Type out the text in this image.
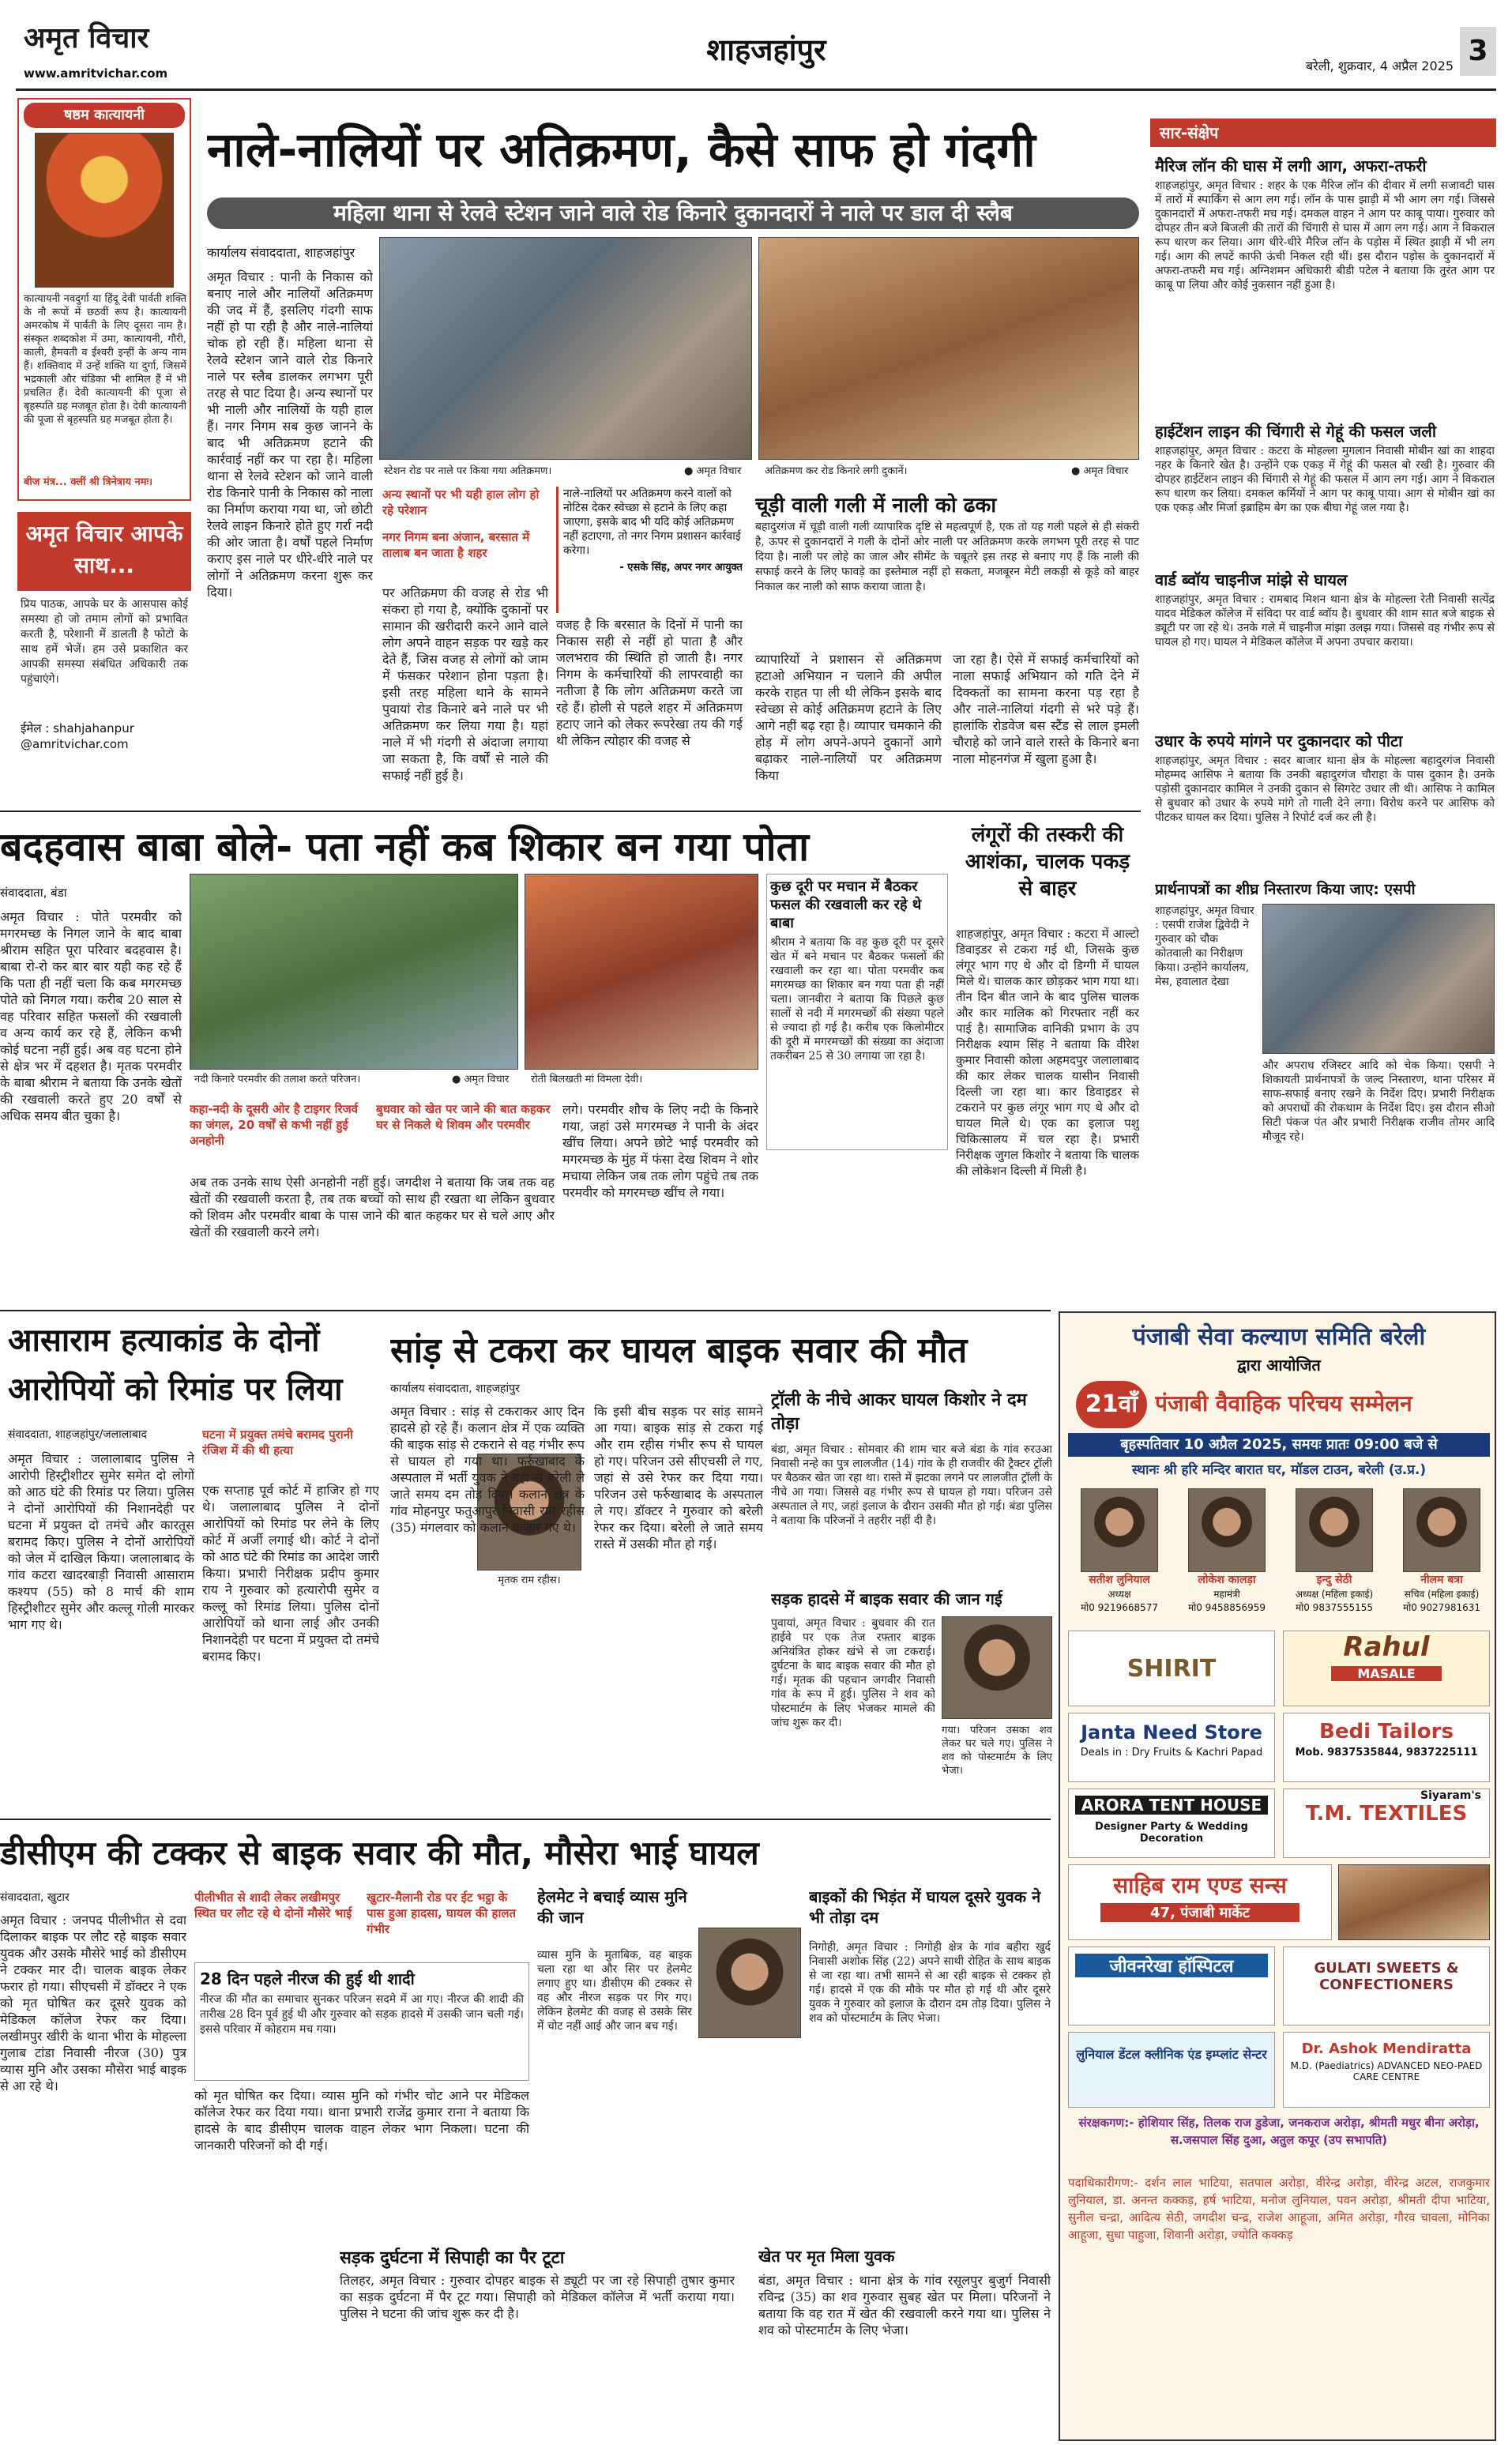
अमृत विचार
www.amritvichar.com
शाहजहांपुर	बरेली, शुक्रवार, 4 अप्रैल 2025 3
षष्ठम कात्यायनी
कात्यायनी नवदुर्गा या हिंदू देवी पार्वती शक्ति के नौ रूपों में छठवीं रूप है। कात्यायनी अमरकोष में पार्वती के लिए दूसरा नाम है। संस्कृत शब्दकोश में उमा, कात्यायनी, गौरी, काली, हैमवती व ईश्वरी इन्हीं के अन्य नाम हैं। शक्तिवाद में उन्हें शक्ति या दुर्गा, जिसमें भद्रकाली और चंडिका भी शामिल हैं में भी प्रचलित हैं। देवी कात्यायनी की पूजा से बृहस्पति ग्रह मजबूत होता है। देवी कात्यायनी की पूजा से बृहस्पति ग्रह मजबूत होता है।
बीज मंत्र... क्लीं श्री त्रिनेत्राय नमः।
अमृत विचार आपके साथ...
प्रिय पाठक, आपके घर के आसपास कोई समस्या हो जो तमाम लोगों को प्रभावित करती है, परेशानी में डालती है फोटो के साथ हमें भेजें। हम उसे प्रकाशित कर आपकी समस्या संबंधित अधिकारी तक पहुंचाएंगे।
ईमेल : shahjahanpur @amritvichar.com
नाले-नालियों पर अतिक्रमण, कैसे साफ हो गंदगी
महिला थाना से रेलवे स्टेशन जाने वाले रोड किनारे दुकानदारों ने नाले पर डाल दी स्लैब
कार्यालय संवाददाता, शाहजहांपुर
स्टेशन रोड पर नाले पर किया गया अतिक्रमण।	● अमृत विचार	अतिक्रमण कर रोड किनारे लगी दुकानें।	● अमृत विचार
अमृत विचार : पानी के निकास को बनाए नाले और नालियों अतिक्रमण की जद में हैं, इसलिए गंदगी साफ नहीं हो पा रही है और नाले-नालियां चोक हो रही हैं। महिला थाना से रेलवे स्टेशन जाने वाले रोड किनारे नाले पर स्लैब डालकर लगभग पूरी तरह से पाट दिया है। अन्य स्थानों पर भी नाली और नालियों के यही हाल हैं। नगर निगम सब कुछ जानने के बाद भी अतिक्रमण हटाने की कार्रवाई नहीं कर पा रहा है। महिला थाना से रेलवे स्टेशन को जाने वाली रोड किनारे पानी के निकास को नाला का निर्माण कराया गया था, जो छोटी रेलवे लाइन किनारे होते हुए गर्रा नदी की ओर जाता है। वर्षों पहले निर्माण कराए इस नाले पर धीरे-धीरे नाले पर लोगों ने अतिक्रमण करना शुरू कर दिया।
अन्य स्थानों पर भी यही हाल लोग हो रहे परेशान
नगर निगम बना अंजान, बरसात में तालाब बन जाता है शहर
पर अतिक्रमण की वजह से रोड भी संकरा हो गया है, क्योंकि दुकानों पर सामान की खरीदारी करने आने वाले लोग अपने वाहन सड़क पर खड़े कर देते हैं, जिस वजह से लोगों को जाम में फंसकर परेशान होना पड़ता है। इसी तरह महिला थाने के सामने पुवायां रोड किनारे बने नाले पर भी अतिक्रमण कर लिया गया है। यहां नाले में भी गंदगी से अंदाजा लगाया जा सकता है, कि वर्षों से नाले की सफाई नहीं हुई है।
नाले-नालियों पर अतिक्रमण करने वालों को नोटिस देकर स्वेच्छा से हटाने के लिए कहा जाएगा, इसके बाद भी यदि कोई अतिक्रमण नहीं हटाएगा, तो नगर निगम प्रशासन कार्रवाई करेगा।
- एसके सिंह, अपर नगर आयुक्त
वजह है कि बरसात के दिनों में पानी का निकास सही से नहीं हो पाता है और जलभराव की स्थिति हो जाती है। नगर निगम के कर्मचारियों की लापरवाही का नतीजा है कि लोग अतिक्रमण करते जा रहे हैं। होली से पहले शहर में अतिक्रमण हटाए जाने को लेकर रूपरेखा तय की गई थी लेकिन त्योहार की वजह से
चूड़ी वाली गली में नाली को ढका
बहादुरगंज में चूड़ी वाली गली व्यापारिक दृष्टि से महत्वपूर्ण है, एक तो यह गली पहले से ही संकरी है, ऊपर से दुकानदारों ने गली के दोनों ओर नाली पर अतिक्रमण करके लगभग पूरी तरह से पाट दिया है। नाली पर लोहे का जाल और सीमेंट के चबूतरे इस तरह से बनाए गए हैं कि नाली की सफाई करने के लिए फावड़े का इस्तेमाल नहीं हो सकता, मजबूरन मेटी लकड़ी से कूड़े को बाहर निकाल कर नाली को साफ कराया जाता है।
व्यापारियों ने प्रशासन से अतिक्रमण हटाओ अभियान न चलाने की अपील करके राहत पा ली थी लेकिन इसके बाद स्वेच्छा से कोई अतिक्रमण हटाने के लिए आगे नहीं बढ़ रहा है। व्यापार चमकाने की होड़ में लोग अपने-अपने दुकानों आगे बढ़ाकर नाले-नालियों पर अतिक्रमण किया
जा रहा है। ऐसे में सफाई कर्मचारियों को नाला सफाई अभियान को गति देने में दिक्कतों का सामना करना पड़ रहा है और नाले-नालियां गंदगी से भरे पड़े हैं। हालांकि रोडवेज बस स्टैंड से लाल इमली चौराहे को जाने वाले रास्ते के किनारे बना नाला मोहनगंज में खुला हुआ है।
बदहवास बाबा बोले- पता नहीं कब शिकार बन गया पोता
संवाददाता, बंडा
नदी किनारे परमवीर की तलाश करते परिजन।	● अमृत विचार	रोती बिलखती मां विमला देवी।
कुछ दूरी पर मचान में बैठकर फसल की रखवाली कर रहे थे बाबा
श्रीराम ने बताया कि वह कुछ दूरी पर दूसरे खेत में बने मचान पर बैठकर फसलों की रखवाली कर रहा था। पोता परमवीर कब मगरमच्छ का शिकार बन गया पता ही नहीं चला। जानवीरा ने बताया कि पिछले कुछ सालों से नदी में मगरमच्छों की संख्या पहले से ज्यादा हो गई है। करीब एक किलोमीटर की दूरी में मगरमच्छों की संख्या का अंदाजा तकरीबन 25 से 30 लगाया जा रहा है।
अमृत विचार : पोते परमवीर को मगरमच्छ के निगल जाने के बाद बाबा श्रीराम सहित पूरा परिवार बदहवास है। बाबा रो-रो कर बार बार यही कह रहे हैं कि पता ही नहीं चला कि कब मगरमच्छ पोते को निगल गया। करीब 20 साल से वह परिवार सहित फसलों की रखवाली व अन्य कार्य कर रहे हैं, लेकिन कभी कोई घटना नहीं हुई। अब वह घटना होने से क्षेत्र भर में दहशत है। मृतक परमवीर के बाबा श्रीराम ने बताया कि उनके खेतों की रखवाली करते हुए 20 वर्षों से अधिक समय बीत चुका है।	कहा-नदी के दूसरी ओर है टाइगर रिजर्व का जंगल, 20 वर्षों से कभी नहीं हुई अनहोनी
बुधवार को खेत पर जाने की बात कहकर घर से निकले थे शिवम और परमवीर
अब तक उनके साथ ऐसी अनहोनी नहीं हुई। जगदीश ने बताया कि जब तक वह खेतों की रखवाली करता है, तब तक बच्चों को साथ ही रखता था लेकिन बुधवार को शिवम और परमवीर बाबा के पास जाने की बात कहकर घर से चले आए और खेतों की रखवाली करने लगे।
लगे। परमवीर शौच के लिए नदी के किनारे गया, जहां उसे मगरमच्छ ने पानी के अंदर खींच लिया। अपने छोटे भाई परमवीर को मगरमच्छ के मुंह में फंसा देख शिवम ने शोर मचाया लेकिन जब तक लोग पहुंचे तब तक परमवीर को मगरमच्छ खींच ले गया।
लंगूरों की तस्करी की आशंका, चालक पकड़ से बाहर
शाहजहांपुर, अमृत विचार : कटरा में आल्टो डिवाइडर से टकरा गई थी, जिसके कुछ लंगूर भाग गए थे और दो डिग्गी में घायल मिले थे। चालक कार छोड़कर भाग गया था। तीन दिन बीत जाने के बाद पुलिस चालक और कार मालिक को गिरफ्तार नहीं कर पाई है। सामाजिक वानिकी प्रभाग के उप निरीक्षक श्याम सिंह ने बताया कि वीरेश कुमार निवासी कोला अहमदपुर जलालाबाद की कार लेकर चालक यासीन निवासी दिल्ली जा रहा था। कार डिवाइडर से टकराने पर कुछ लंगूर भाग गए थे और दो घायल मिले थे। एक का इलाज पशु चिकित्सालय में चल रहा है। प्रभारी निरीक्षक जुगल किशोर ने बताया कि चालक की लोकेशन दिल्ली में मिली है।
आसाराम हत्याकांड के दोनों आरोपियों को रिमांड पर लिया
संवाददाता, शाहजहांपुर/जलालाबाद
अमृत विचार : जलालाबाद पुलिस ने आरोपी हिस्ट्रीशीटर सुमेर समेत दो लोगों को आठ घंटे की रिमांड पर लिया। पुलिस ने दोनों आरोपियों की निशानदेही पर घटना में प्रयुक्त दो तमंचे और कारतूस बरामद किए। पुलिस ने दोनों आरोपियों को जेल में दाखिल किया। जलालाबाद के गांव कटरा खादरबाड़ी निवासी आसाराम कश्यप (55) को 8 मार्च की शाम हिस्ट्रीशीटर सुमेर और कल्लू गोली मारकर भाग गए थे।
घटना में प्रयुक्त तमंचे बरामद पुरानी रंजिश में की थी हत्या
एक सप्ताह पूर्व कोर्ट में हाजिर हो गए थे। जलालाबाद पुलिस ने दोनों आरोपियों को रिमांड पर लेने के लिए कोर्ट में अर्जी लगाई थी। कोर्ट ने दोनों को आठ घंटे की रिमांड का आदेश जारी किया। प्रभारी निरीक्षक प्रदीप कुमार राय ने गुरुवार को हत्यारोपी सुमेर व कल्लू को रिमांड लिया। पुलिस दोनों आरोपियों को थाना लाई और उनकी निशानदेही पर घटना में प्रयुक्त दो तमंचे बरामद किए।
सांड़ से टकरा कर घायल बाइक सवार की मौत
कार्यालय संवाददाता, शाहजहांपुर
मृतक राम रहीस।
अमृत विचार : सांड़ से टकराकर आए दिन हादसे हो रहे हैं। कलान क्षेत्र में एक व्यक्ति की बाइक सांड़ से टकराने से वह गंभीर रूप से घायल हो गया था। फर्रुखाबाद के अस्पताल में भर्ती युवक ने वहां से बरेली ले जाते समय दम तोड़ दिया। कलान क्षेत्र के गांव मोहनपुर फतुआपुर निवासी राम रहीस (35) मंगलवार को कलान बाजार गए थे।
कि इसी बीच सड़क पर सांड़ सामने आ गया। बाइक सांड़ से टकरा गई और राम रहीस गंभीर रूप से घायल हो गए। परिजन उसे सीएचसी ले गए, जहां से उसे रेफर कर दिया गया। परिजन उसे फर्रुखाबाद के अस्पताल ले गए। डॉक्टर ने गुरुवार को बरेली रेफर कर दिया। बरेली ले जाते समय रास्ते में उसकी मौत हो गई।
ट्रॉली के नीचे आकर घायल किशोर ने दम तोड़ा
बंडा, अमृत विचार : सोमवार की शाम चार बजे बंडा के गांव रुरउआ निवासी नन्हे का पुत्र लालजीत (14) गांव के ही राजवीर की ट्रैक्टर ट्रॉली पर बैठकर खेत जा रहा था। रास्ते में झटका लगने पर लालजीत ट्रॉली के नीचे आ गया। जिससे वह गंभीर रूप से घायल हो गया। परिजन उसे अस्पताल ले गए, जहां इलाज के दौरान उसकी मौत हो गई। बंडा पुलिस ने बताया कि परिजनों ने तहरीर नहीं दी है।
सड़क हादसे में बाइक सवार की जान गई
पुवायां, अमृत विचार : बुधवार की रात हाईवे पर एक तेज रफ्तार बाइक अनियंत्रित होकर खंभे से जा टकराई। दुर्घटना के बाद बाइक सवार की मौत हो गई। मृतक की पहचान जगवीर निवासी गांव के रूप में हुई। पुलिस ने शव को पोस्टमार्टम के लिए भेजकर मामले की जांच शुरू कर दी।
गया। परिजन उसका शव लेकर घर चले गए। पुलिस ने शव को पोस्टमार्टम के लिए भेजा।
डीसीएम की टक्कर से बाइक सवार की मौत, मौसेरा भाई घायल
संवाददाता, खुटार
अमृत विचार : जनपद पीलीभीत से दवा दिलाकर बाइक पर लौट रहे बाइक सवार युवक और उसके मौसेरे भाई को डीसीएम ने टक्कर मार दी। चालक बाइक लेकर फरार हो गया। सीएचसी में डॉक्टर ने एक को मृत घोषित कर दूसरे युवक को मेडिकल कॉलेज रेफर कर दिया। लखीमपुर खीरी के थाना भीरा के मोहल्ला गुलाब टांडा निवासी नीरज (30) पुत्र व्यास मुनि और उसका मौसेरा भाई बाइक से आ रहे थे।
पीलीभीत से शादी लेकर लखीमपुर स्थित घर लौट रहे थे दोनों मौसेरे भाई
खुटार-मैलानी रोड पर ईट भट्ठा के पास हुआ हादसा, घायल की हालत गंभीर
28 दिन पहले नीरज की हुई थी शादी
नीरज की मौत का समाचार सुनकर परिजन सदमे में आ गए। नीरज की शादी की तारीख 28 दिन पूर्व हुई थी और गुरुवार को सड़क हादसे में उसकी जान चली गई। इससे परिवार में कोहराम मच गया।
को मृत घोषित कर दिया। व्यास मुनि को गंभीर चोट आने पर मेडिकल कॉलेज रेफर कर दिया गया। थाना प्रभारी राजेंद्र कुमार राना ने बताया कि हादसे के बाद डीसीएम चालक वाहन लेकर भाग निकला। घटना की जानकारी परिजनों को दी गई।
हेलमेट ने बचाई व्यास मुनि की जान
व्यास मुनि के मुताबिक, वह बाइक चला रहा था और सिर पर हेलमेट लगाए हुए था। डीसीएम की टक्कर से वह और नीरज सड़क पर गिर गए। लेकिन हेलमेट की वजह से उसके सिर में चोट नहीं आई और जान बच गई।
सड़क दुर्घटना में सिपाही का पैर टूटा
तिलहर, अमृत विचार : गुरुवार दोपहर बाइक से ड्यूटी पर जा रहे सिपाही तुषार कुमार का सड़क दुर्घटना में पैर टूट गया। सिपाही को मेडिकल कॉलेज में भर्ती कराया गया। पुलिस ने घटना की जांच शुरू कर दी है।
बाइकों की भिड़ंत में घायल दूसरे युवक ने भी तोड़ा दम
निगोही, अमृत विचार : निगोही क्षेत्र के गांव बहीरा खुर्द निवासी अशोक सिंह (22) अपने साथी रोहित के साथ बाइक से जा रहा था। तभी सामने से आ रही बाइक से टक्कर हो गई। हादसे में एक की मौके पर मौत हो गई थी और दूसरे युवक ने गुरुवार को इलाज के दौरान दम तोड़ दिया। पुलिस ने शव को पोस्टमार्टम के लिए भेजा।
खेत पर मृत मिला युवक
बंडा, अमृत विचार : थाना क्षेत्र के गांव रसूलपुर बुजुर्ग निवासी रविन्द्र (35) का शव गुरुवार सुबह खेत पर मिला। परिजनों ने बताया कि वह रात में खेत की रखवाली करने गया था। पुलिस ने शव को पोस्टमार्टम के लिए भेजा।
सार-संक्षेप
मैरिज लॉन की घास में लगी आग, अफरा-तफरी
शाहजहांपुर, अमृत विचार : शहर के एक मैरिज लॉन की दीवार में लगी सजावटी घास में तारों में स्पार्किंग से आग लग गई। लॉन के पास झाड़ी में भी आग लग गई। जिससे दुकानदारों में अफरा-तफरी मच गई। दमकल वाहन ने आग पर काबू पाया। गुरुवार को दोपहर तीन बजे बिजली की तारों की चिंगारी से घास में आग लग गई। आग ने विकराल रूप धारण कर लिया। आग धीरे-धीरे मैरिज लॉन के पड़ोस में स्थित झाड़ी में भी लग गई। आग की लपटें काफी ऊंची निकल रही थीं। इस दौरान पड़ोस के दुकानदारों में अफरा-तफरी मच गई। अग्निशमन अधिकारी बीडी पटेल ने बताया कि तुरंत आग पर काबू पा लिया और कोई नुकसान नहीं हुआ है।
हाईटेंशन लाइन की चिंगारी से गेहूं की फसल जली
शाहजहांपुर, अमृत विचार : कटरा के मोहल्ला मुगलान निवासी मोबीन खां का शाहदा नहर के किनारे खेत है। उन्होंने एक एकड़ में गेहूं की फसल बो रखी है। गुरुवार की दोपहर हाईटेंशन लाइन की चिंगारी से गेहूं की फसल में आग लग गई। आग ने विकराल रूप धारण कर लिया। दमकल कर्मियों ने आग पर काबू पाया। आग से मोबीन खां का एक एकड़ और मिर्जा इब्राहिम बेग का एक बीघा गेहूं जल गया है।
वार्ड ब्वॉय चाइनीज मांझे से घायल
शाहजहांपुर, अमृत विचार : रामबाद मिशन थाना क्षेत्र के मोहल्ला रेती निवासी सत्येंद्र यादव मेडिकल कॉलेज में संविदा पर वार्ड ब्वॉय है। बुधवार की शाम सात बजे बाइक से ड्यूटी पर जा रहे थे। उनके गले में चाइनीज मांझा उलझ गया। जिससे वह गंभीर रूप से घायल हो गए। घायल ने मेडिकल कॉलेज में अपना उपचार कराया।
उधार के रुपये मांगने पर दुकानदार को पीटा
शाहजहांपुर, अमृत विचार : सदर बाजार थाना क्षेत्र के मोहल्ला बहादुरगंज निवासी मोहम्मद आसिफ ने बताया कि उनकी बहादुरगंज चौराहा के पास दुकान है। उनके पड़ोसी दुकानदार कामिल ने उनकी दुकान से सिगरेट उधार ली थी। आसिफ ने कामिल से बुधवार को उधार के रुपये मांगे तो गाली देने लगा। विरोध करने पर आसिफ को पीटकर घायल कर दिया। पुलिस ने रिपोर्ट दर्ज कर ली है।
प्रार्थनापत्रों का शीघ्र निस्तारण किया जाए: एसपी
शाहजहांपुर, अमृत विचार : एसपी राजेश द्विवेदी ने गुरुवार को चौक कोतवाली का निरीक्षण किया। उन्होंने कार्यालय, मेस, हवालात देखा
और अपराध रजिस्टर आदि को चेक किया। एसपी ने शिकायती प्रार्थनापत्रों के जल्द निस्तारण, थाना परिसर में साफ-सफाई बनाए रखने के निर्देश दिए। प्रभारी निरीक्षक को अपराधों की रोकथाम के निर्देश दिए। इस दौरान सीओ सिटी पंकज पंत और प्रभारी निरीक्षक राजीव तोमर आदि मौजूद रहे।
पंजाबी सेवा कल्याण समिति बरेली
द्वारा आयोजित
21वाँ पंजाबी वैवाहिक परिचय सम्मेलन
बृहस्पतिवार 10 अप्रैल 2025, समयः प्रातः 09:00 बजे से
स्थानः श्री हरि मन्दिर बारात घर, मॉडल टाउन, बरेली (उ.प्र.)
सतीश लुनियाल
अध्यक्ष
मो0 9219668577
लोकेश कालड़ा
महामंत्री
मो0 9458856959
इन्दु सेठी
अध्यक्ष (महिला इकाई)
मो0 9837555155
नीलम बत्रा
सचिव (महिला इकाई)
मो0 9027981631
SHIRIT
Rahul
MASALE
Janta Need Store
Deals in : Dry Fruits & Kachri Papad
Bedi Tailors
Mob. 9837535844, 9837225111
ARORA TENT HOUSE
Designer Party & Wedding Decoration
Siyaram's
T.M. TEXTILES
साहिब राम एण्ड सन्स
47, पंजाबी मार्केट
जीवनरेखा हॉस्पिटल	GULATI SWEETS & CONFECTIONERS
लुनियाल डेंटल क्लीनिक एंड इम्प्लांट सेन्टर	Dr. Ashok Mendiratta
M.D. (Paediatrics) ADVANCED NEO-PAED CARE CENTRE
संरक्षकगण:- होशियार सिंह, तिलक राज डुडेजा, जनकराज अरोड़ा, श्रीमती मधुर बीना अरोड़ा, स.जसपाल सिंह दुआ, अतुल कपूर (उप सभापति)
पदाधिकारीगण:- दर्शन लाल भाटिया, सतपाल अरोड़ा, वीरेन्द्र अरोड़ा, वीरेन्द्र अटल, राजकुमार लुनियाल, डा. अनन्त कक्कड़, हर्ष भाटिया, मनोज लुनियाल, पवन अरोड़ा, श्रीमती दीपा भाटिया, सुनील चन्द्रा, आदित्य सेठी, जगदीश चन्द्र, राजेश आहूजा, अमित अरोड़ा, गौरव चावला, मोनिका आहूजा, सुधा पाहुजा, शिवानी अरोड़ा, ज्योति कक्कड़
